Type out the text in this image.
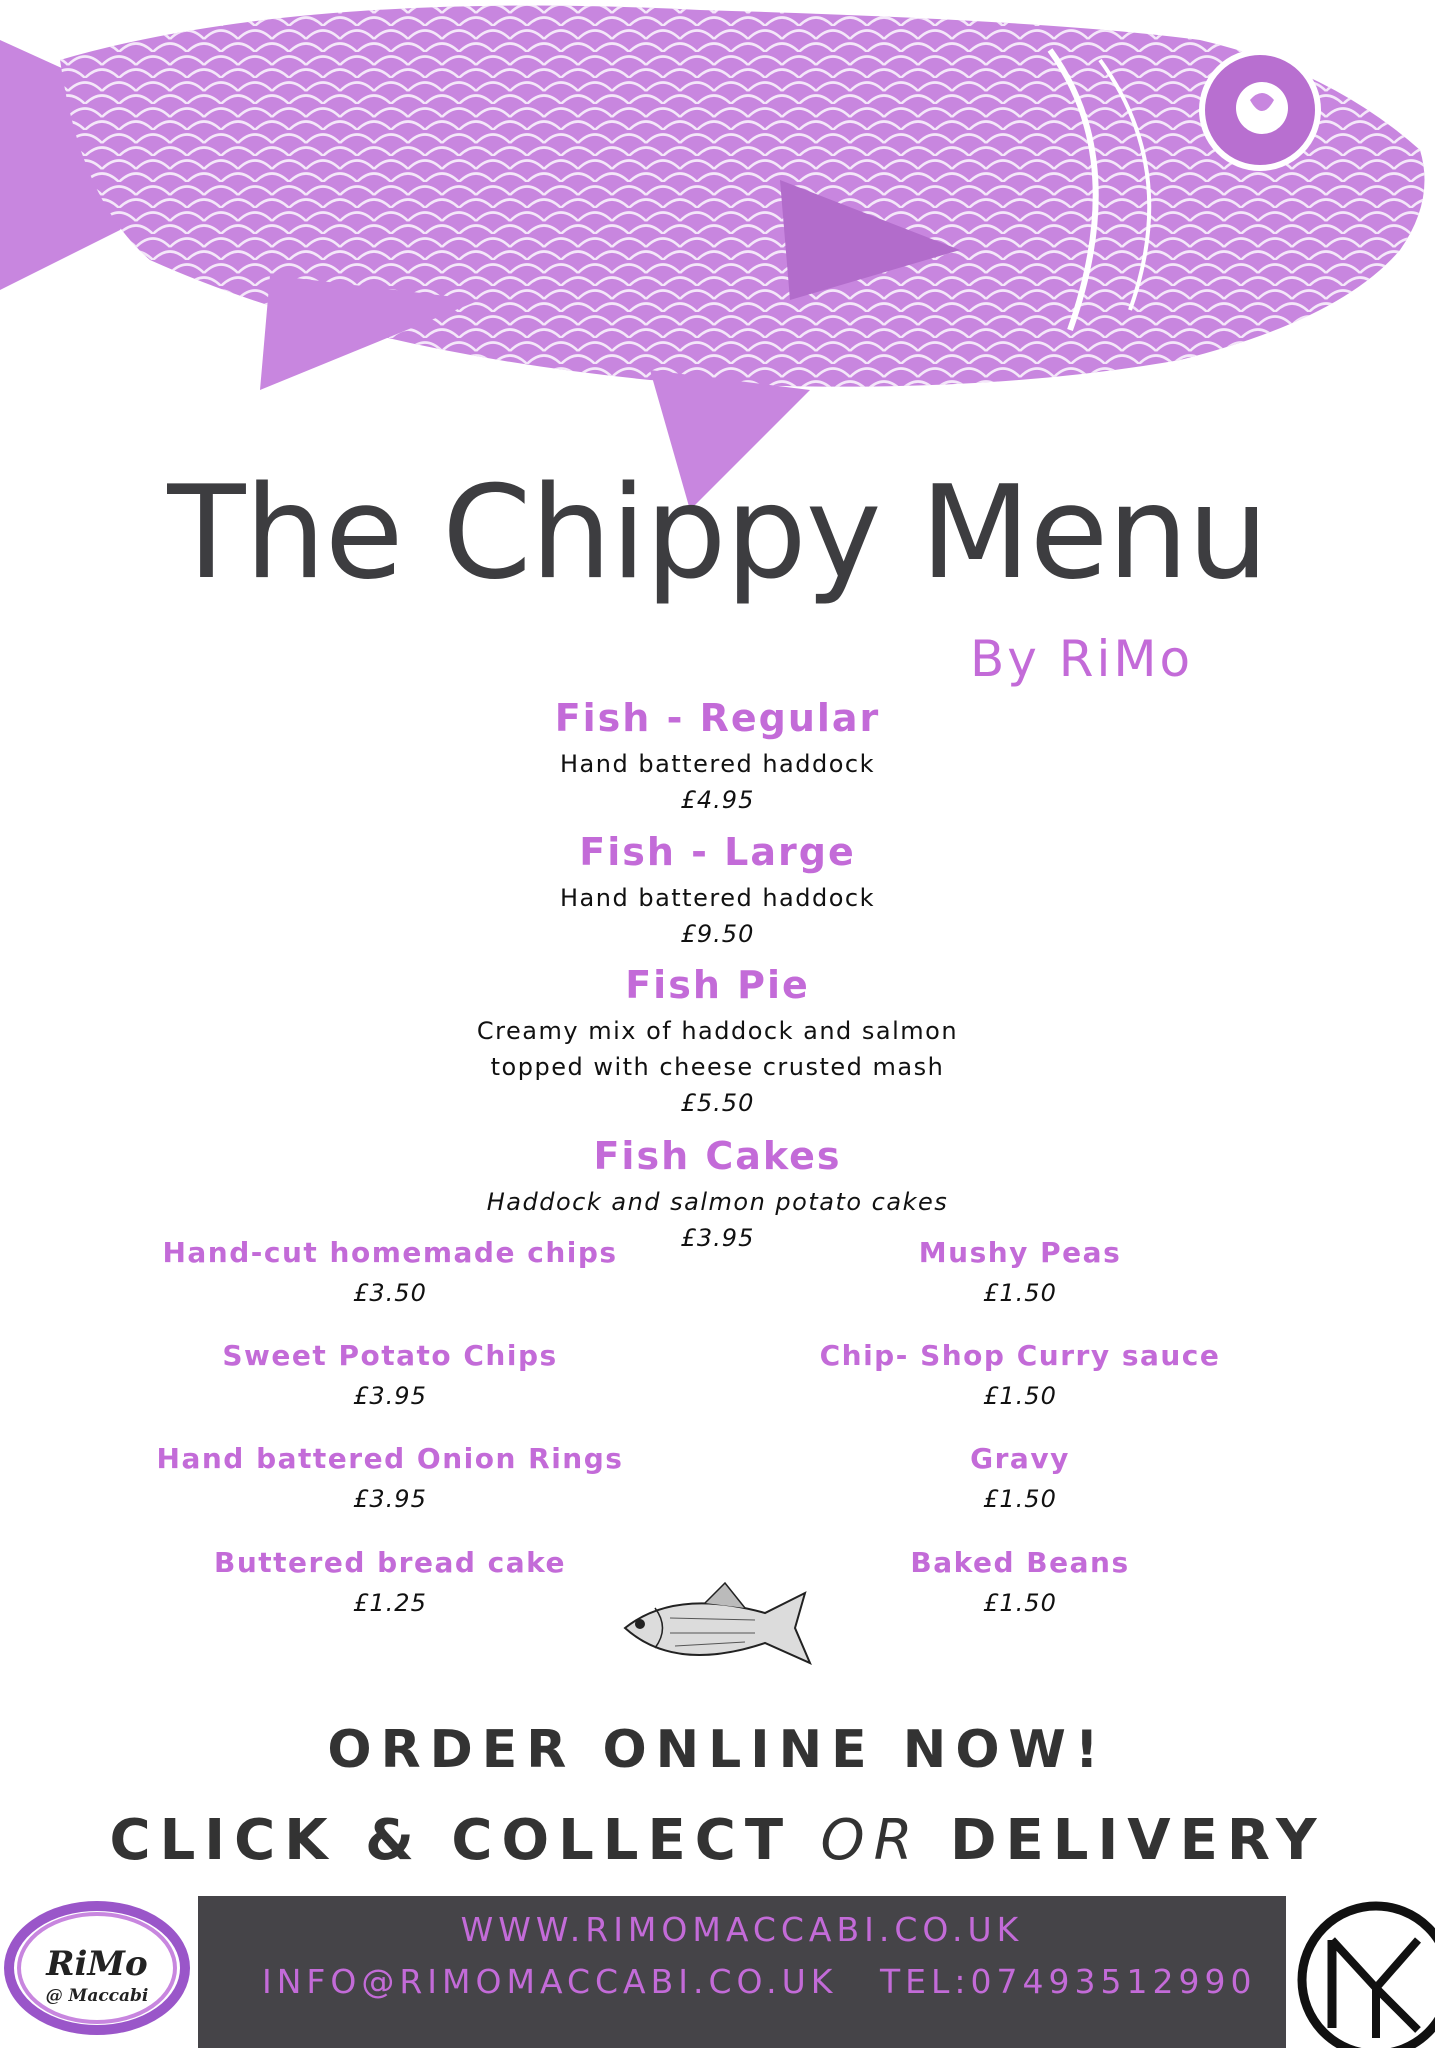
The Chippy Menu
By RiMo
Fish - Regular
Hand battered haddock
£4.95
Fish - Large
Hand battered haddock
£9.50
Fish Pie
Creamy mix of haddock and salmon
topped with cheese crusted mash
£5.50
Fish Cakes
Haddock and salmon potato cakes
£3.95
Hand-cut homemade chips
£3.50
Sweet Potato Chips
£3.95
Hand battered Onion Rings
£3.95
Buttered bread cake
£1.25
Mushy Peas
£1.50
Chip- Shop Curry sauce
£1.50
Gravy
£1.50
Baked Beans
£1.50
ORDER ONLINE NOW!
CLICK & COLLECT OR DELIVERY
WWW.RIMOMACCABI.CO.UK
INFO@RIMOMACCABI.CO.UK TEL:07493512990
RiMo
@ Maccabi
